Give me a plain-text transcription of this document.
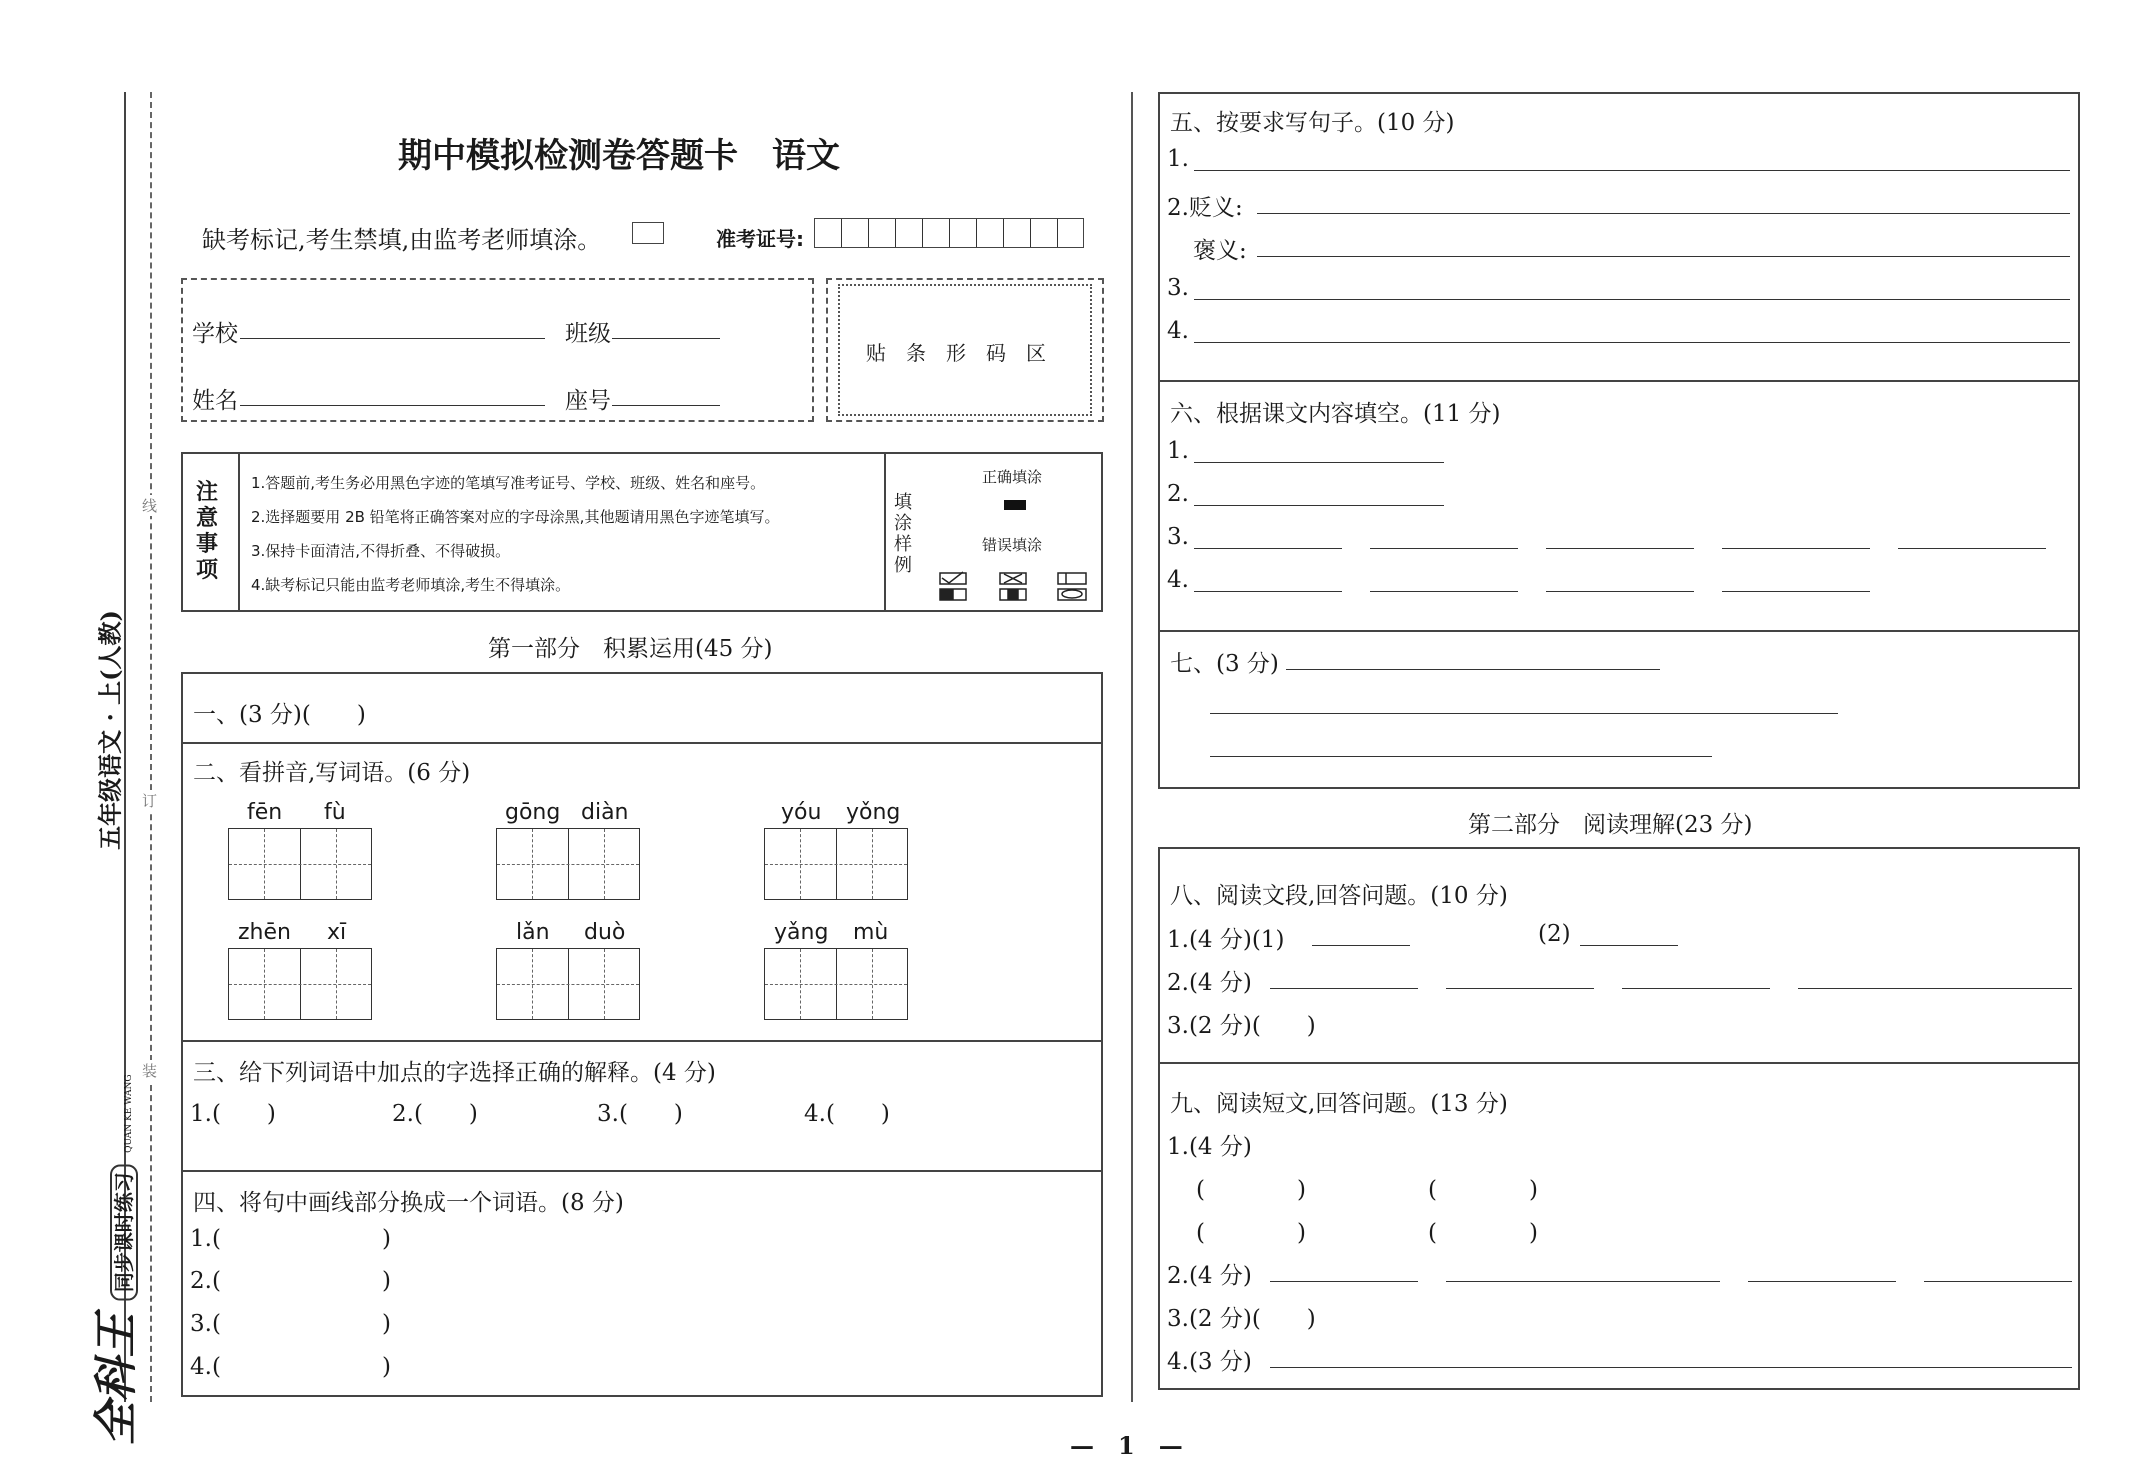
线
订
装
五年级语文 · 上(人教)
全科王 同步课时练习 QUAN KE WANG
期中模拟检测卷答题卡　语文
缺考标记,考生禁填,由监考老师填涂。	准考证号:
学校	班级
姓名	座号
贴　条　形　码　区
注意事项
1.答题前,考生务必用黑色字迹的笔填写准考证号、学校、班级、姓名和座号。
2.选择题要用 2B 铅笔将正确答案对应的字母涂黑,其他题请用黑色字迹笔填写。
3.保持卡面清洁,不得折叠、不得破损。
4.缺考标记只能由监考老师填涂,考生不得填涂。
填涂样例
正确填涂
错误填涂
第一部分　积累运用(45 分)
一、(3 分)(　　)
二、看拼音,写词语。(6 分)
fēn fù	gōng diàn	yóu yǒng
zhēn xī	lǎn duò	yǎng mù
三、给下列词语中加点的字选择正确的解释。(4 分)
1.(　　)	2.(　　)	3.(　　)	4.(　　)
四、将句中画线部分换成一个词语。(8 分)
1.(	)
2.(	)
3.(	)
4.(	)
五、按要求写句子。(10 分)
1.
2.贬义:
褒义:
3.
4.
六、根据课文内容填空。(11 分)
1.
2.
3.
4.
七、(3 分)
第二部分　阅读理解(23 分)
八、阅读文段,回答问题。(10 分)
1.(4 分)(1)	(2)
2.(4 分)
3.(2 分)(　　)
九、阅读短文,回答问题。(13 分)
1.(4 分)
(　　　　)	(　　　　)
(　　　　)	(　　　　)
2.(4 分)
3.(2 分)(　　)
4.(3 分)
—　1　—
